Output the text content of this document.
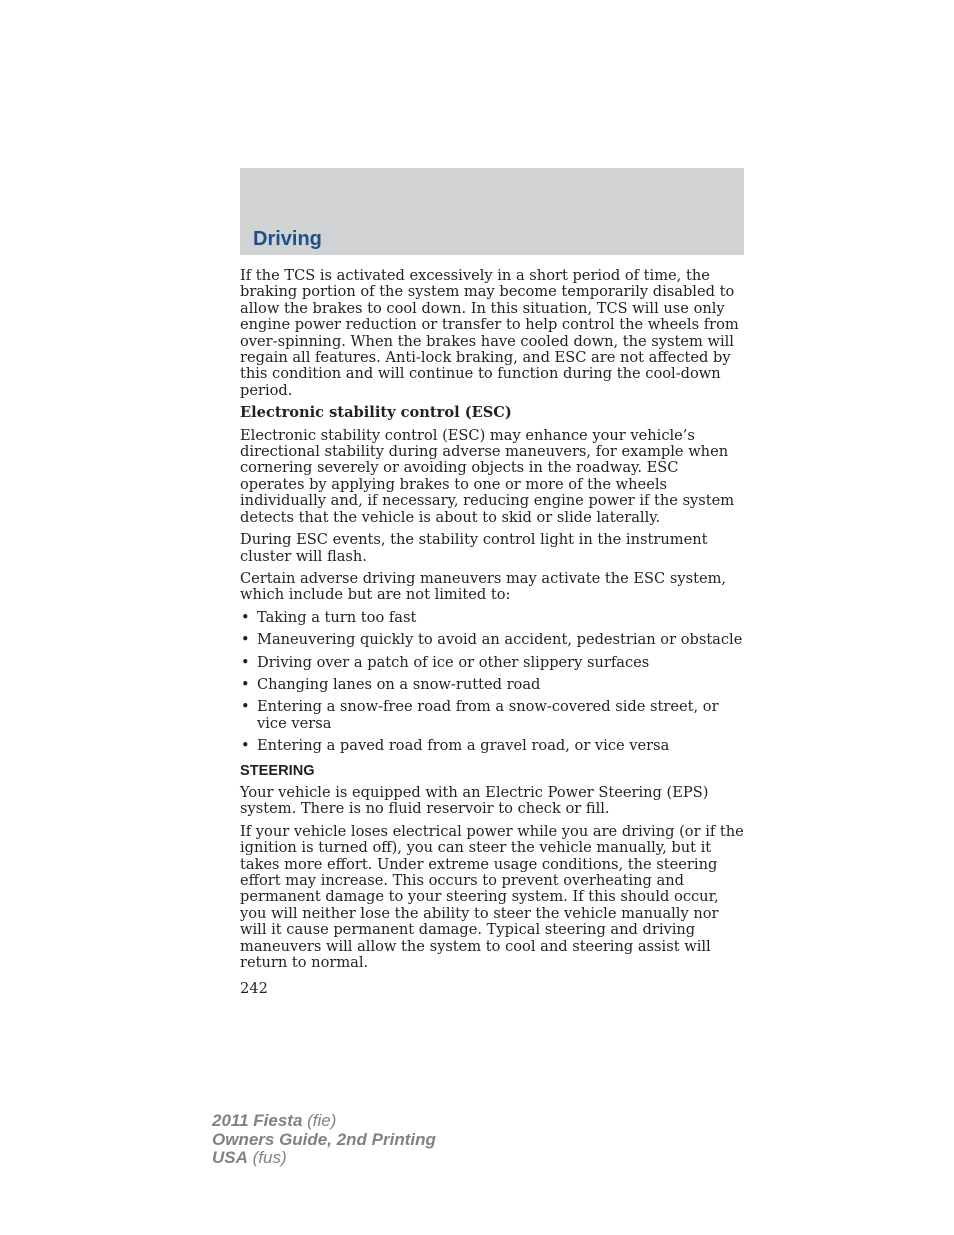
Driving

If the TCS is activated excessively in a short period of time, the braking portion of the system may become temporarily disabled to allow the brakes to cool down. In this situation, TCS will use only engine power reduction or transfer to help control the wheels from over-spinning. When the brakes have cooled down, the system will regain all features. Anti-lock braking, and ESC are not affected by this condition and will continue to function during the cool-down period.

Electronic stability control (ESC)

Electronic stability control (ESC) may enhance your vehicle’s directional stability during adverse maneuvers, for example when cornering severely or avoiding objects in the roadway. ESC operates by applying brakes to one or more of the wheels individually and, if necessary, reducing engine power if the system detects that the vehicle is about to skid or slide laterally.

During ESC events, the stability control light in the instrument cluster will flash.

Certain adverse driving maneuvers may activate the ESC system, which include but are not limited to:

• Taking a turn too fast
• Maneuvering quickly to avoid an accident, pedestrian or obstacle
• Driving over a patch of ice or other slippery surfaces
• Changing lanes on a snow-rutted road
• Entering a snow-free road from a snow-covered side street, or vice versa
• Entering a paved road from a gravel road, or vice versa
STEERING

Your vehicle is equipped with an Electric Power Steering (EPS) system. There is no fluid reservoir to check or fill.

If your vehicle loses electrical power while you are driving (or if the ignition is turned off), you can steer the vehicle manually, but it takes more effort. Under extreme usage conditions, the steering effort may increase. This occurs to prevent overheating and permanent damage to your steering system. If this should occur, you will neither lose the ability to steer the vehicle manually nor will it cause permanent damage. Typical steering and driving maneuvers will allow the system to cool and steering assist will return to normal.

242
2011 Fiesta (fie)
Owners Guide, 2nd Printing
USA (fus)
